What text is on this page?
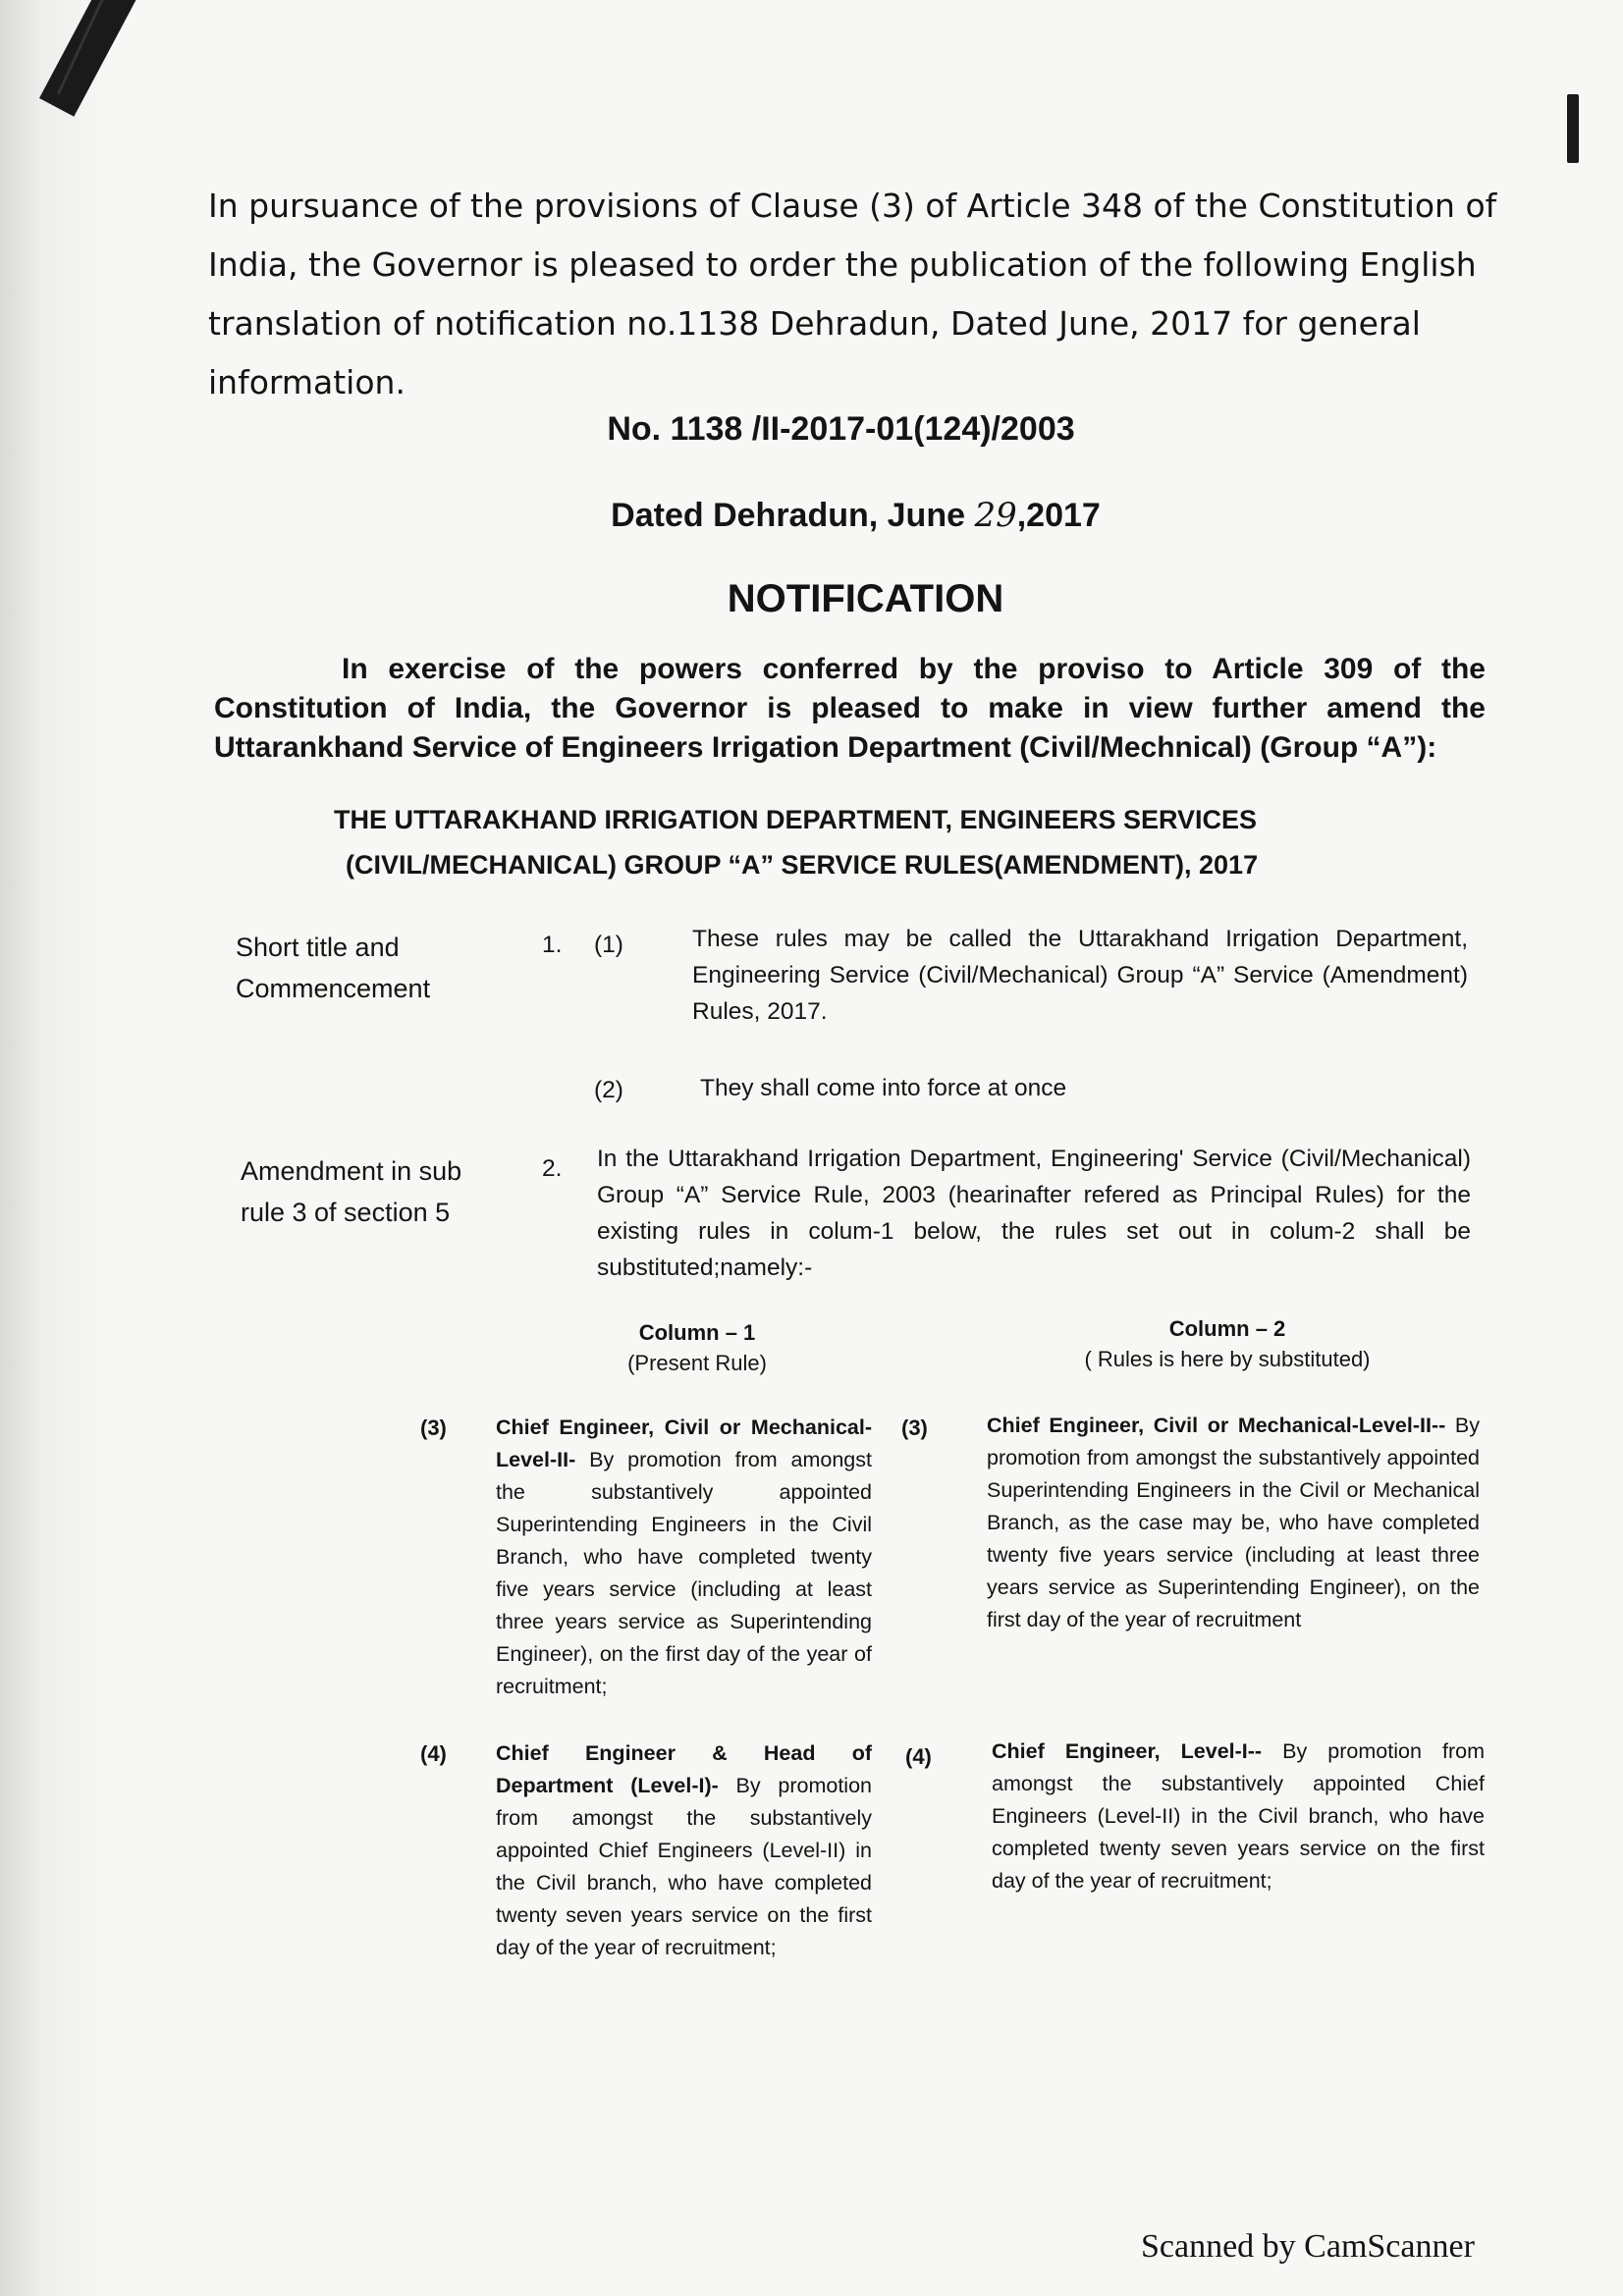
In pursuance of the provisions of Clause (3) of Article 348 of the Constitution of
India, the Governor is pleased to order the publication of the following English
translation of notification no.1138 Dehradun, Dated June, 2017 for general
information.
No. 1138 /II-2017-01(124)/2003
Dated Dehradun, June 29,2017
NOTIFICATION
In exercise of the powers conferred by the proviso to Article 309 of the Constitution of India, the Governor is pleased to make in view further amend the Uttarankhand Service of Engineers Irrigation Department (Civil/Mechnical) (Group “A”):
THE UTTARAKHAND IRRIGATION DEPARTMENT, ENGINEERS SERVICES
(CIVIL/MECHANICAL) GROUP “A” SERVICE RULES(AMENDMENT), 2017
Short title and Commencement
1. (1)	These rules may be called the Uttarakhand Irrigation Department, Engineering Service (Civil/Mechanical) Group “A” Service (Amendment) Rules, 2017.
(2)	They shall come into force at once
Amendment in sub rule 3 of section 5
2. In the Uttarakhand Irrigation Department, Engineering' Service (Civil/Mechanical) Group “A” Service Rule, 2003 (hearinafter refered as Principal Rules) for the existing rules in colum-1 below, the rules set out in colum-2 shall be substituted;namely:-
Column – 1
(Present Rule)
Column – 2
( Rules is here by substituted)
(3) Chief Engineer, Civil or Mechanical-Level-II- By promotion from amongst the substantively appointed Superintending Engineers in the Civil Branch, who have completed twenty five years service (including at least three years service as Superintending Engineer), on the first day of the year of recruitment;
(3)	Chief Engineer, Civil or Mechanical-Level-II-- By promotion from amongst the substantively appointed Superintending Engineers in the Civil or Mechanical Branch, as the case may be, who have completed twenty five years service (including at least three years service as Superintending Engineer), on the first day of the year of recruitment
(4) Chief Engineer & Head of Department (Level-I)- By promotion from amongst the substantively appointed Chief Engineers (Level-II) in the Civil branch, who have completed twenty seven years service on the first day of the year of recruitment;
(4)	Chief Engineer, Level-I-- By promotion from amongst the substantively appointed Chief Engineers (Level-II) in the Civil branch, who have completed twenty seven years service on the first day of the year of recruitment;
Scanned by CamScanner
